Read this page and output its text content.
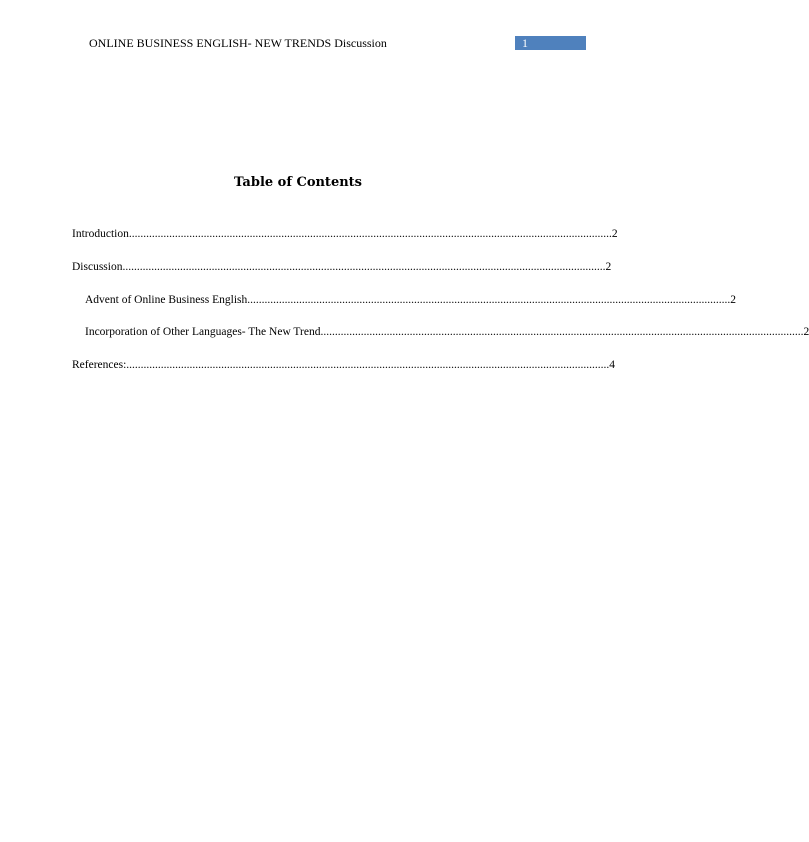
ONLINE BUSINESS ENGLISH- NEW TRENDS Discussion	1
Table of Contents
Introduction ........................................................................................................................................................................ 2
Discussion ........................................................................................................................................................................ 2
Advent of Online Business English ........................................................................................................................................................................ 2
Incorporation of Other Languages- The New Trend ........................................................................................................................................................................ 2
References: ........................................................................................................................................................................ 4
